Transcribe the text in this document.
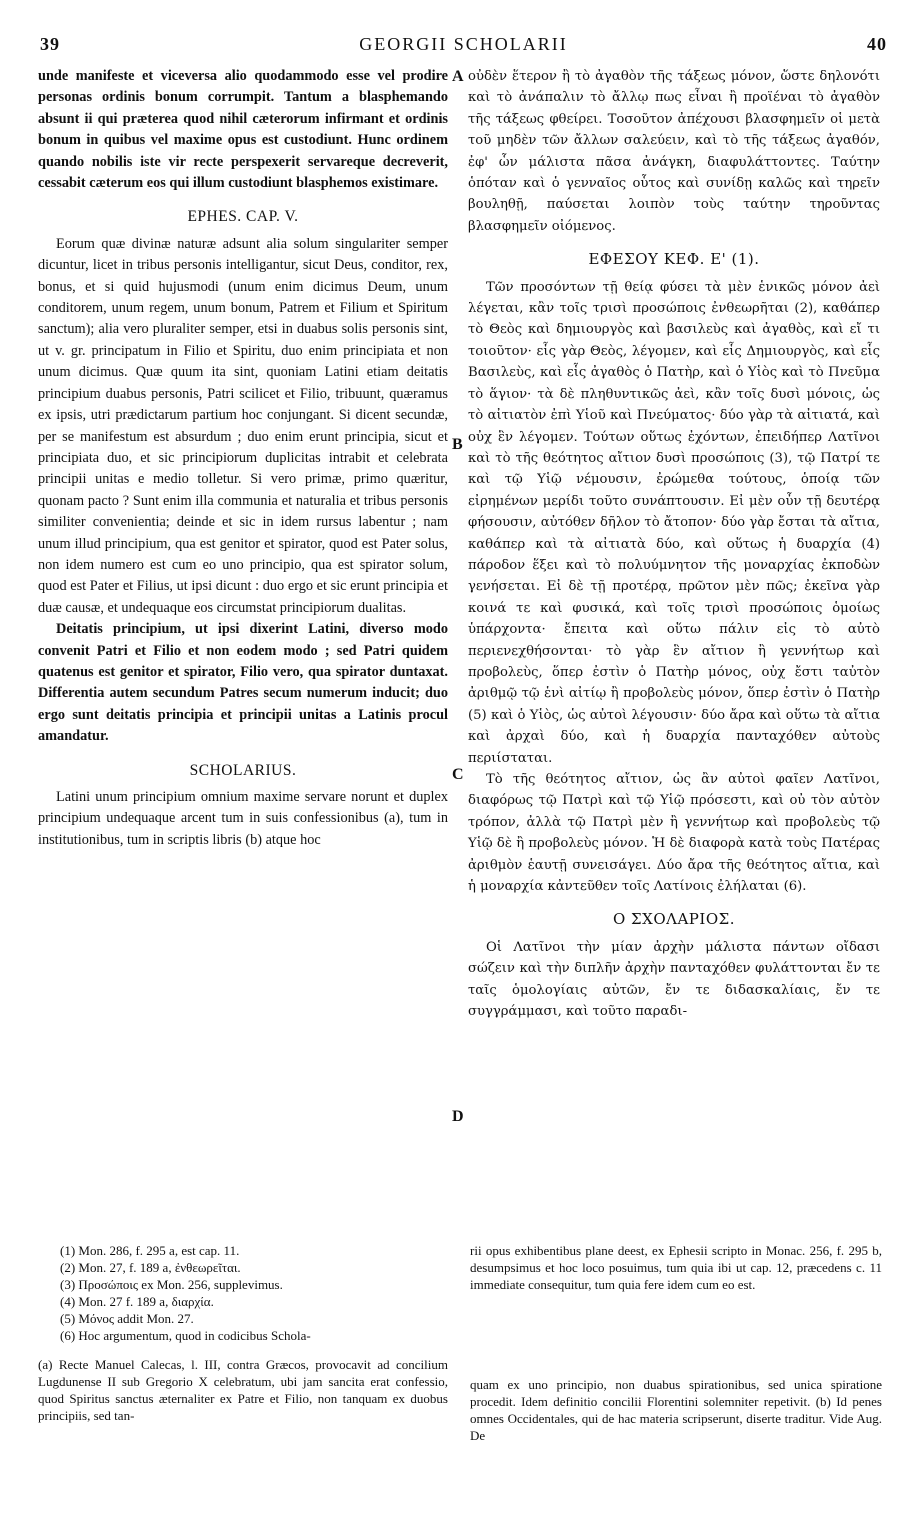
39	GEORGII SCHOLARII	40

unde manifeste et viceversa alio quodammodo esse vel prodire personas ordinis bonum corrumpit. Tantum a blasphemando absunt ii qui præterea quod nihil cæterorum infirmant et ordinis bonum in quibus vel maxime opus est custodiunt. Hunc ordinem quando nobilis iste vir recte perspexerit servareque decreverit, cessabit cæterum eos qui illum custodiunt blasphemos existimare.

EPHES. CAP. V.

Eorum quæ divinæ naturæ adsunt alia solum singulariter semper dicuntur, licet in tribus personis intelligantur, sicut Deus, conditor, rex, bonus, et si quid hujusmodi (unum enim dicimus Deum, unum conditorem, unum regem, unum bonum, Patrem et Filium et Spiritum sanctum); alia vero pluraliter semper, etsi in duabus solis personis sint, ut v. gr. principatum in Filio et Spiritu, duo enim principiata et non unum dicimus. Quæ quum ita sint, quoniam Latini etiam deitatis principium duabus personis, Patri scilicet et Filio, tribuunt, quæramus ex ipsis, utri prædictarum partium hoc conjungant. Si dicent secundæ, per se manifestum est absurdum ; duo enim erunt principia, sicut et principiata duo, et sic principiorum duplicitas intrabit et celebrata principii unitas e medio tolletur. Si vero primæ, primo quæritur, quonam pacto ? Sunt enim illa communia et naturalia et tribus personis similiter convenientia; deinde et sic in idem rursus labentur ; nam unum illud principium, qua est genitor et spirator, quod est Pater solus, non idem numero est cum eo uno principio, qua est spirator solum, quod est Pater et Filius, ut ipsi dicunt : duo ergo et sic erunt principia et duæ causæ, et undequaque eos circumstat principiorum dualitas.

Deitatis principium, ut ipsi dixerint Latini, diverso modo convenit Patri et Filio et non eodem modo ; sed Patri quidem quatenus est genitor et spirator, Filio vero, qua spirator duntaxat. Differentia autem secundum Patres secum numerum inducit; duo ergo sunt deitatis principia et principii unitas a Latinis procul amandatur.

SCHOLARIUS.

Latini unum principium omnium maxime servare norunt et duplex principium undequaque arcent tum in suis confessionibus (a), tum in institutionibus, tum in scriptis libris (b) atque hoc

οὐδὲν ἕτερον ἢ τὸ ἀγαθὸν τῆς τάξεως μόνον, ὥστε δηλονότι καὶ τὸ ἀνάπαλιν τὸ ἄλλῳ πως εἶναι ἢ προϊέναι τὸ ἀγαθὸν τῆς τάξεως φθείρει. Τοσοῦτον ἀπέχουσι βλασφημεῖν οἱ μετὰ τοῦ μηδὲν τῶν ἄλλων σαλεύειν, καὶ τὸ τῆς τάξεως ἀγαθόν, ἐφ' ὧν μάλιστα πᾶσα ἀνάγκη, διαφυλάττοντες. Ταύτην ὁπόταν καὶ ὁ γενναῖος οὗτος καὶ συνίδῃ καλῶς καὶ τηρεῖν βουληθῇ, παύσεται λοιπὸν τοὺς ταύτην τηροῦντας βλασφημεῖν οἰόμενος.

ΕΦΕΣΟΥ ΚΕΦ. Ε' (1).

Τῶν προσόντων τῇ θείᾳ φύσει τὰ μὲν ἑνικῶς μόνον ἀεὶ λέγεται, κἂν τοῖς τρισὶ προσώποις ἐνθεωρῆται (2), καθάπερ τὸ Θεὸς καὶ δημιουργὸς καὶ βασιλεὺς καὶ ἀγαθὸς, καὶ εἴ τι τοιοῦτον· εἷς γὰρ Θεὸς, λέγομεν, καὶ εἷς Δημιουργὸς, καὶ εἷς Βασιλεὺς, καὶ εἷς ἀγαθὸς ὁ Πατὴρ, καὶ ὁ Υἱὸς καὶ τὸ Πνεῦμα τὸ ἅγιον· τὰ δὲ πληθυντικῶς ἀεὶ, κἂν τοῖς δυσὶ μόνοις, ὡς τὸ αἰτιατὸν ἐπὶ Υἱοῦ καὶ Πνεύματος· δύο γὰρ τὰ αἰτιατά, καὶ οὐχ ἓν λέγομεν. Τούτων οὕτως ἐχόντων, ἐπειδήπερ Λατῖνοι καὶ τὸ τῆς θεότητος αἴτιον δυσὶ προσώποις (3), τῷ Πατρί τε καὶ τῷ Υἱῷ νέμουσιν, ἐρώμεθα τούτους, ὁποίᾳ τῶν εἰρημένων μερίδι τοῦτο συνάπτουσιν. Εἰ μὲν οὖν τῇ δευτέρᾳ φήσουσιν, αὐτόθεν δῆλον τὸ ἄτοπον· δύο γὰρ ἔσται τὰ αἴτια, καθάπερ καὶ τὰ αἰτιατὰ δύο, καὶ οὕτως ἡ δυαρχία (4) πάροδον ἕξει καὶ τὸ πολυύμνητον τῆς μοναρχίας ἐκποδὼν γενήσεται. Εἰ δὲ τῇ προτέρᾳ, πρῶτον μὲν πῶς; ἐκεῖνα γὰρ κοινά τε καὶ φυσικά, καὶ τοῖς τρισὶ προσώποις ὁμοίως ὑπάρχοντα· ἔπειτα καὶ οὕτω πάλιν εἰς τὸ αὐτὸ περιενεχθήσονται· τὸ γὰρ ἓν αἴτιον ἢ γεννήτωρ καὶ προβολεὺς, ὅπερ ἐστὶν ὁ Πατὴρ μόνος, οὐχ ἔστι ταὐτὸν ἀριθμῷ τῷ ἑνὶ αἰτίῳ ἢ προβολεὺς μόνον, ὅπερ ἐστὶν ὁ Πατὴρ (5) καὶ ὁ Υἱὸς, ὡς αὐτοὶ λέγουσιν· δύο ἄρα καὶ οὕτω τὰ αἴτια καὶ ἀρχαὶ δύο, καὶ ἡ δυαρχία πανταχόθεν αὐτοὺς περιίσταται.

Τὸ τῆς θεότητος αἴτιον, ὡς ἂν αὐτοὶ φαῖεν Λατῖνοι, διαφόρως τῷ Πατρὶ καὶ τῷ Υἱῷ πρόσεστι, καὶ οὐ τὸν αὐτὸν τρόπον, ἀλλὰ τῷ Πατρὶ μὲν ἢ γεννήτωρ καὶ προβολεὺς τῷ Υἱῷ δὲ ἢ προβολεὺς μόνον. Ἡ δὲ διαφορὰ κατὰ τοὺς Πατέρας ἀριθμὸν ἑαυτῇ συνεισάγει. Δύο ἄρα τῆς θεότητος αἴτια, καὶ ἡ μοναρχία κἀντεῦθεν τοῖς Λατίνοις ἐλήλαται (6).

Ο ΣΧΟΛΑΡΙΟΣ.

Οἱ Λατῖνοι τὴν μίαν ἀρχὴν μάλιστα πάντων οἴδασι σώζειν καὶ τὴν διπλῆν ἀρχὴν πανταχόθεν φυλάττονται ἔν τε ταῖς ὁμολογίαις αὐτῶν, ἔν τε διδασκαλίαις, ἔν τε συγγράμμασι, καὶ τοῦτο παραδι-

A
B
C
D
(1) Mon. 286, f. 295 a, est cap. 11.
(2) Mon. 27, f. 189 a, ἐνθεωρεῖται.
(3) Προσώποις ex Mon. 256, supplevimus.
(4) Mon. 27 f. 189 a, διαρχία.
(5) Μόνος addit Mon. 27.
(6) Hoc argumentum, quod in codicibus Schola-
rii opus exhibentibus plane deest, ex Ephesii scripto in Monac. 256, f. 295 b, desumpsimus et hoc loco posuimus, tum quia ibi ut cap. 12, præcedens c. 11 immediate consequitur, tum quia fere idem cum eo est.
(a) Recte Manuel Calecas, l. III, contra Græcos, provocavit ad concilium Lugdunense II sub Gregorio X celebratum, ubi jam sancita erat confessio, quod Spiritus sanctus æternaliter ex Patre et Filio, non tanquam ex duobus principiis, sed tan-
quam ex uno principio, non duabus spirationibus, sed unica spiratione procedit. Idem definitio concilii Florentini solemniter repetivit. (b) Id penes omnes Occidentales, qui de hac materia scripserunt, diserte traditur. Vide Aug. De
